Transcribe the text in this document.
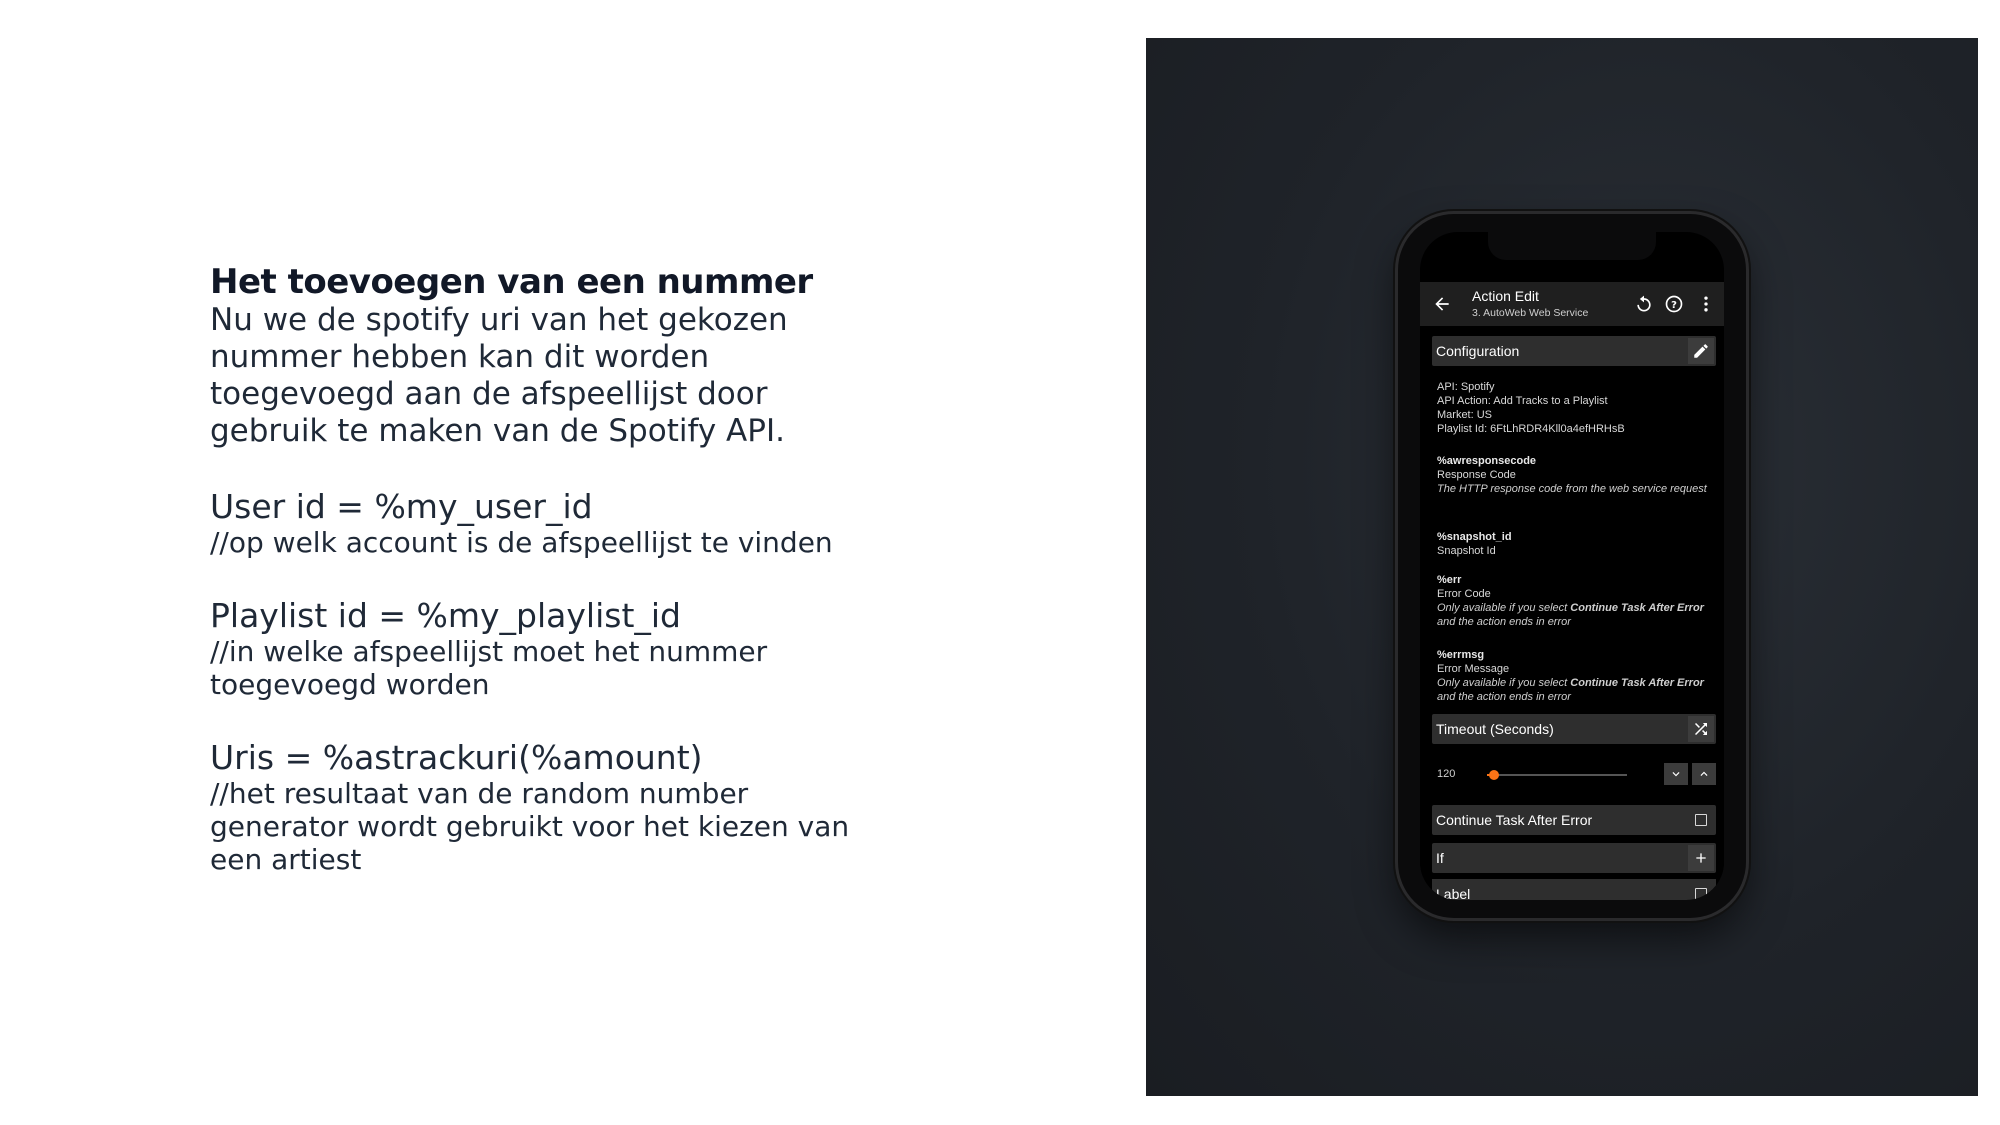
Het toevoegen van een nummer
Nu we de spotify uri van het gekozen
nummer hebben kan dit worden
toegevoegd aan de afspeellijst door
gebruik te maken van de Spotify API.
User id = %my_user_id
//op welk account is de afspeellijst te vinden
Playlist id = %my_playlist_id
//in welke afspeellijst moet het nummer
toegevoegd worden
Uris = %astrackuri(%amount)
//het resultaat van de random number
generator wordt gebruikt voor het kiezen van
een artiest
Action Edit
3. AutoWeb Web Service
?
Configuration
API: Spotify
API Action: Add Tracks to a Playlist
Market: US
Playlist Id: 6FtLhRDR4Kll0a4efHRHsB
%awresponsecode
Response Code
The HTTP response code from the web service request
%snapshot_id
Snapshot Id
%err
Error Code
Only available if you select Continue Task After Error and the action ends in error
%errmsg
Error Message
Only available if you select Continue Task After Error and the action ends in error
Timeout (Seconds)
120
Continue Task After Error
If
Label
